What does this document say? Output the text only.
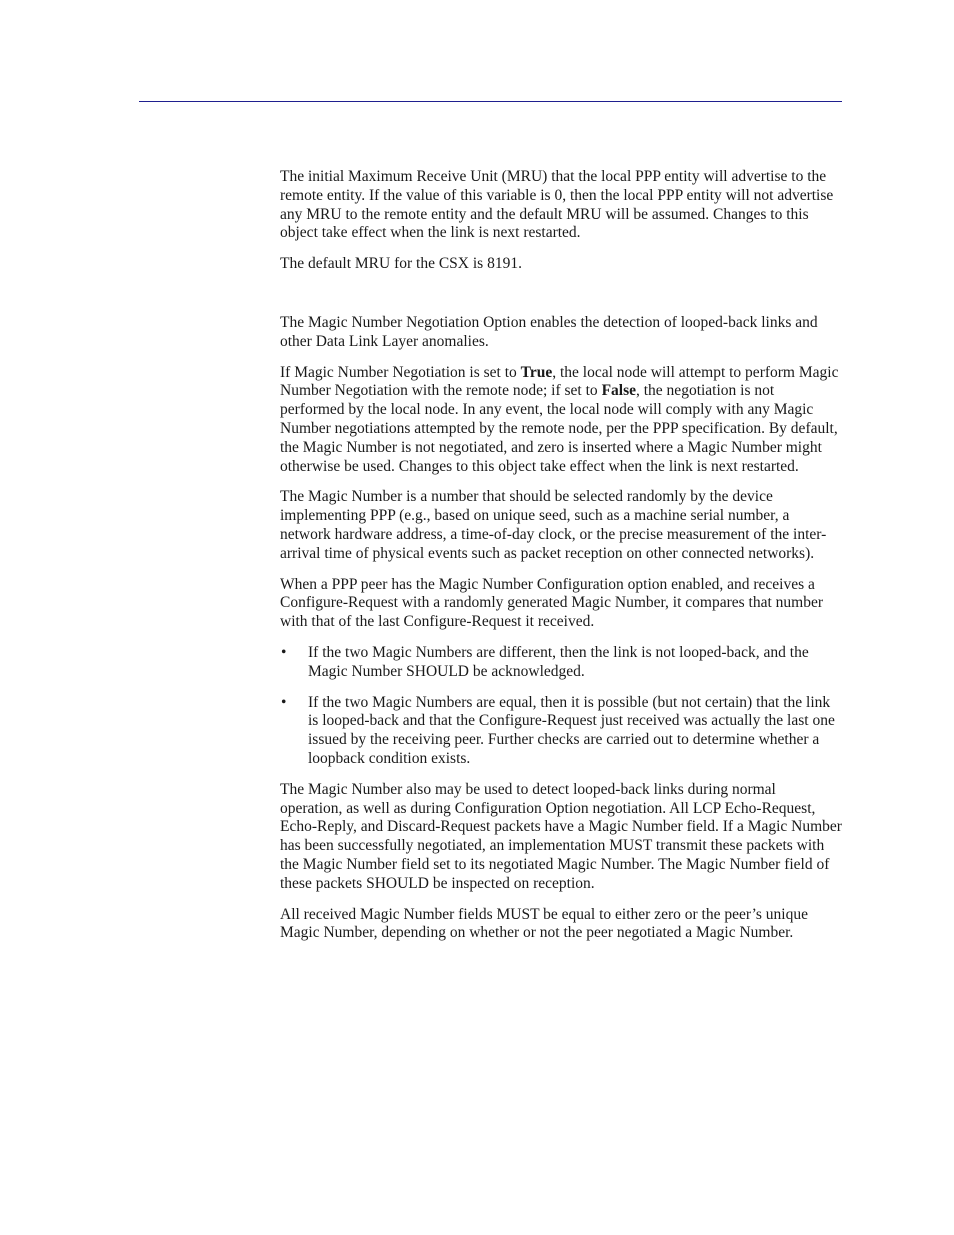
The initial Maximum Receive Unit (MRU) that the local PPP entity will advertise to the remote entity. If the value of this variable is 0, then the local PPP entity will not advertise any MRU to the remote entity and the default MRU will be assumed. Changes to this object take effect when the link is next restarted.

The default MRU for the CSX is 8191.

The Magic Number Negotiation Option enables the detection of looped-back links and other Data Link Layer anomalies.

If Magic Number Negotiation is set to True, the local node will attempt to perform Magic Number Negotiation with the remote node; if set to False, the negotiation is not performed by the local node. In any event, the local node will comply with any Magic Number negotiations attempted by the remote node, per the PPP specification. By default, the Magic Number is not negotiated, and zero is inserted where a Magic Number might otherwise be used. Changes to this object take effect when the link is next restarted.

The Magic Number is a number that should be selected randomly by the device implementing PPP (e.g., based on unique seed, such as a machine serial number, a network hardware address, a time-of-day clock, or the precise measurement of the inter-arrival time of physical events such as packet reception on other connected networks).

When a PPP peer has the Magic Number Configuration option enabled, and receives a Configure-Request with a randomly generated Magic Number, it compares that number with that of the last Configure-Request it received.

• If the two Magic Numbers are different, then the link is not looped-back, and the Magic Number SHOULD be acknowledged.
• If the two Magic Numbers are equal, then it is possible (but not certain) that the link is looped-back and that the Configure-Request just received was actually the last one issued by the receiving peer. Further checks are carried out to determine whether a loopback condition exists.

The Magic Number also may be used to detect looped-back links during normal operation, as well as during Configuration Option negotiation. All LCP Echo-Request, Echo-Reply, and Discard-Request packets have a Magic Number field. If a Magic Number has been successfully negotiated, an implementation MUST transmit these packets with the Magic Number field set to its negotiated Magic Number. The Magic Number field of these packets SHOULD be inspected on reception.

All received Magic Number fields MUST be equal to either zero or the peer’s unique Magic Number, depending on whether or not the peer negotiated a Magic Number.
